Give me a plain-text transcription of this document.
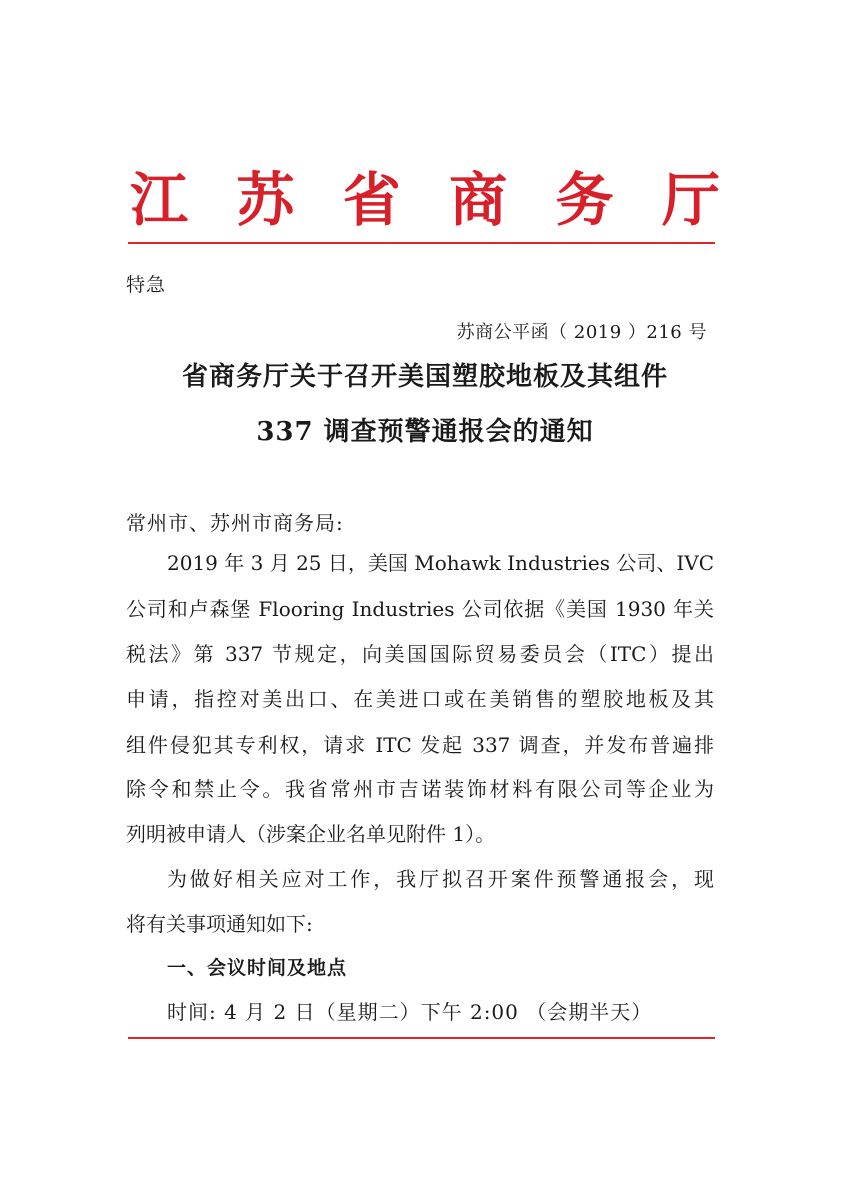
江 苏 省 商 务 厅
特急
苏商公平函（ 2019 ）216 号
省商务厅关于召开美国塑胶地板及其组件
337 调查预警通报会的通知
常州市、苏州市商务局:
2019 年 3 月 25 日，美国 Mohawk Industries 公司、IVC
公司和卢森堡 Flooring Industries 公司依据《美国 1930 年关
税法》第 337 节规定，向美国国际贸易委员会（ITC）提出
申请，指控对美出口、在美进口或在美销售的塑胶地板及其
组件侵犯其专利权，请求 ITC 发起 337 调查，并发布普遍排
除令和禁止令。我省常州市吉诺装饰材料有限公司等企业为
列明被申请人（涉案企业名单见附件 1）。
为做好相关应对工作，我厅拟召开案件预警通报会，现
将有关事项通知如下:
一、会议时间及地点
时间: 4 月 2 日（星期二）下午 2:00 （会期半天）
